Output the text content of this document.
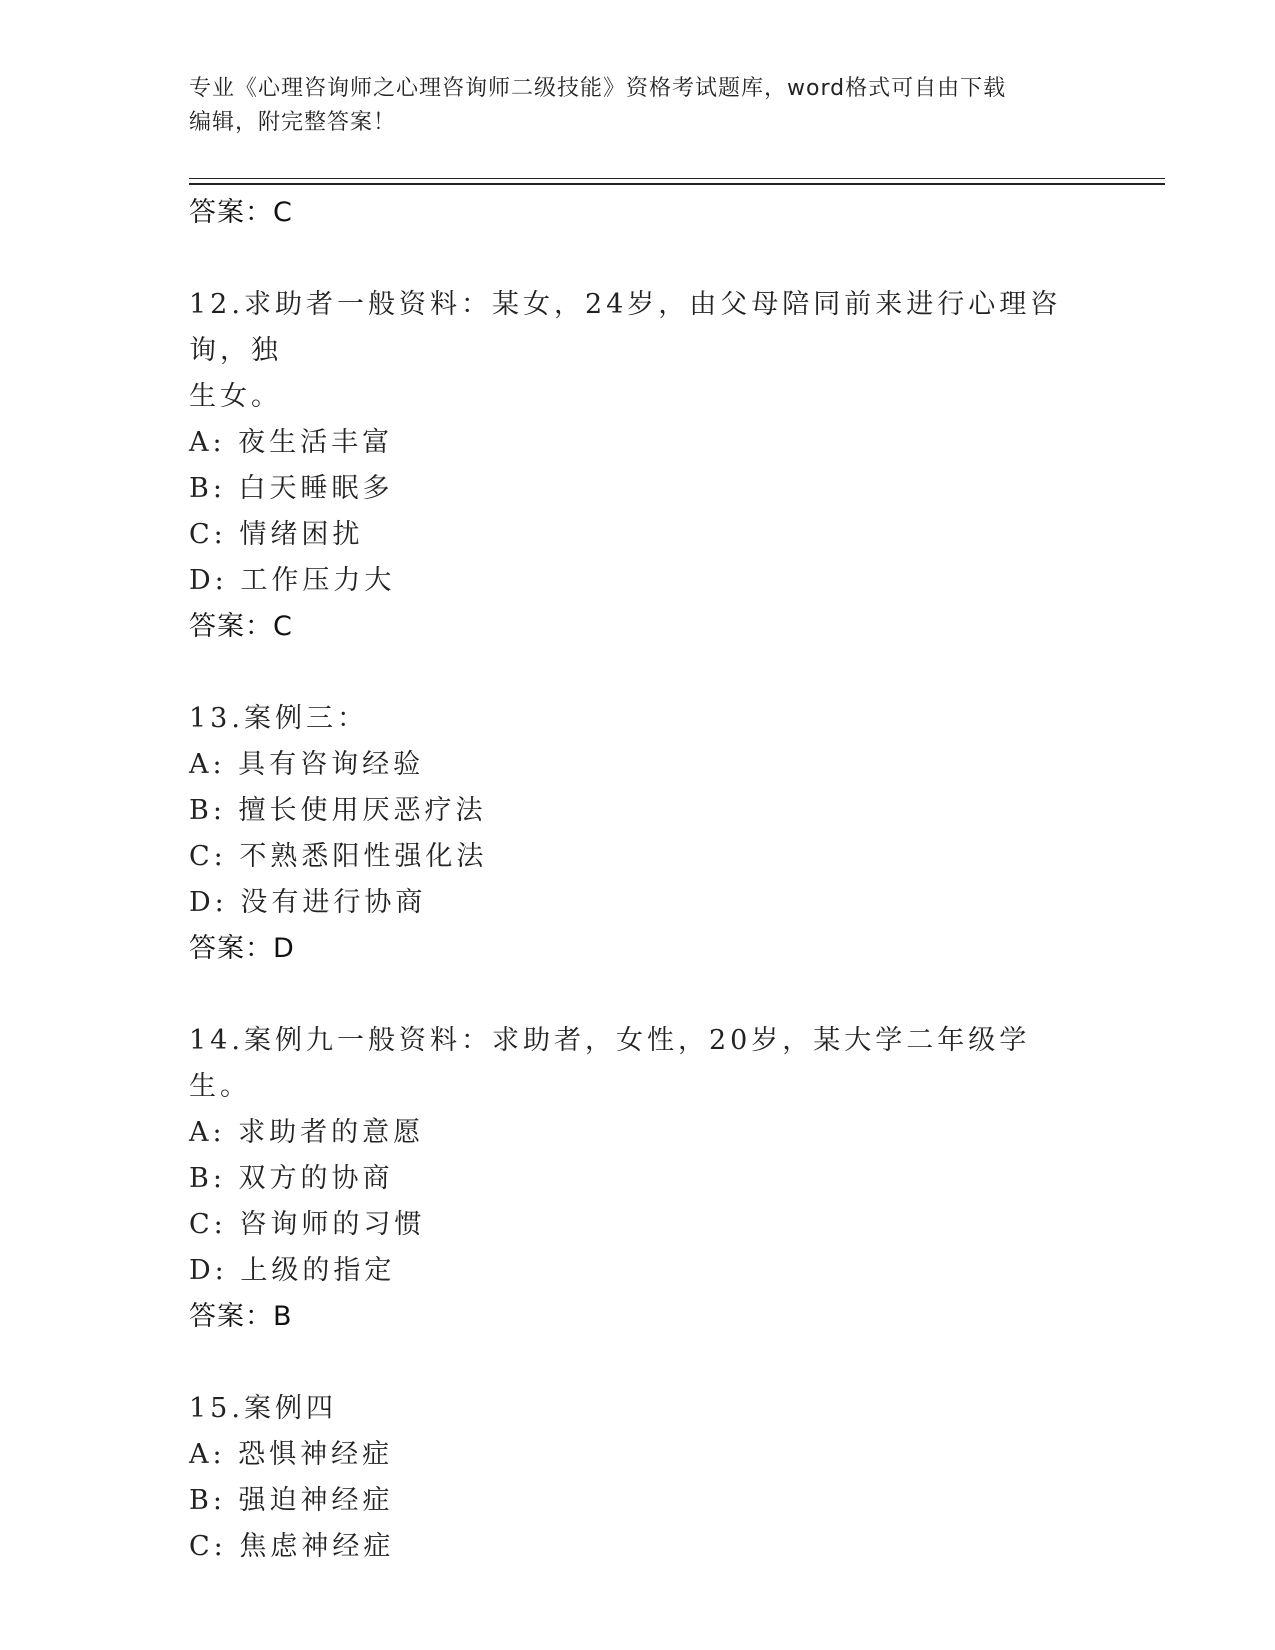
专业《心理咨询师之心理咨询师二级技能》资格考试题库，word格式可自由下载
编辑，附完整答案！
答案：C
12.求助者一般资料：某女，24岁，由父母陪同前来进行心理咨询，独
生女。
A: 夜生活丰富
B: 白天睡眠多
C: 情绪困扰
D: 工作压力大
答案：C
13.案例三：
A: 具有咨询经验
B: 擅长使用厌恶疗法
C: 不熟悉阳性强化法
D: 没有进行协商
答案：D
14.案例九一般资料：求助者，女性，20岁，某大学二年级学生。
A: 求助者的意愿
B: 双方的协商
C: 咨询师的习惯
D: 上级的指定
答案：B
15.案例四
A: 恐惧神经症
B: 强迫神经症
C: 焦虑神经症
